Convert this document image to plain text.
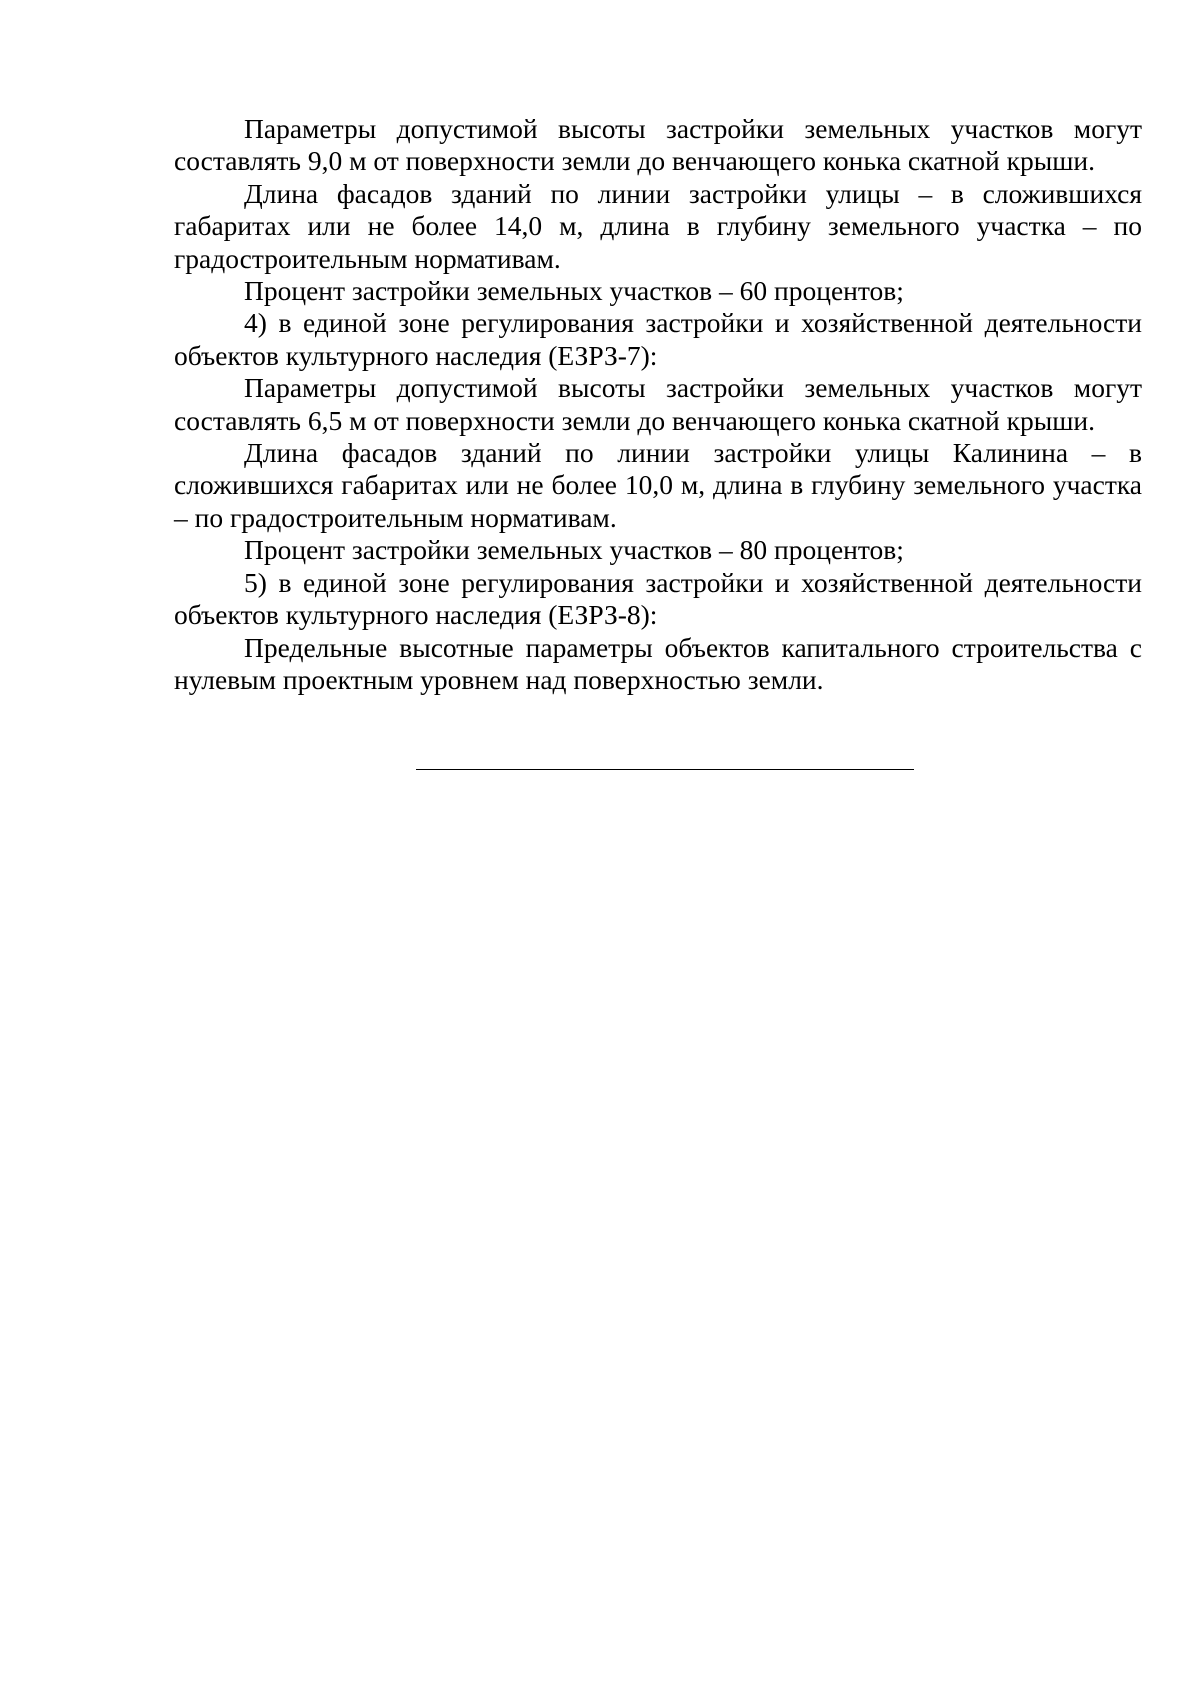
Параметры допустимой высоты застройки земельных участков могут составлять 9,0 м от поверхности земли до венчающего конька скатной крыши.

Длина фасадов зданий по линии застройки улицы – в сложившихся габаритах или не более 14,0 м, длина в глубину земельного участка – по градостроительным нормативам.

Процент застройки земельных участков – 60 процентов;

4) в единой зоне регулирования застройки и хозяйственной деятельности объектов культурного наследия (ЕЗРЗ-7):

Параметры допустимой высоты застройки земельных участков могут составлять 6,5 м от поверхности земли до венчающего конька скатной крыши.

Длина фасадов зданий по линии застройки улицы Калинина – в сложившихся габаритах или не более 10,0 м, длина в глубину земельного участка – по градостроительным нормативам.

Процент застройки земельных участков – 80 процентов;

5) в единой зоне регулирования застройки и хозяйственной деятельности объектов культурного наследия (ЕЗРЗ-8):

Предельные высотные параметры объектов капитального строительства с нулевым проектным уровнем над поверхностью земли.
